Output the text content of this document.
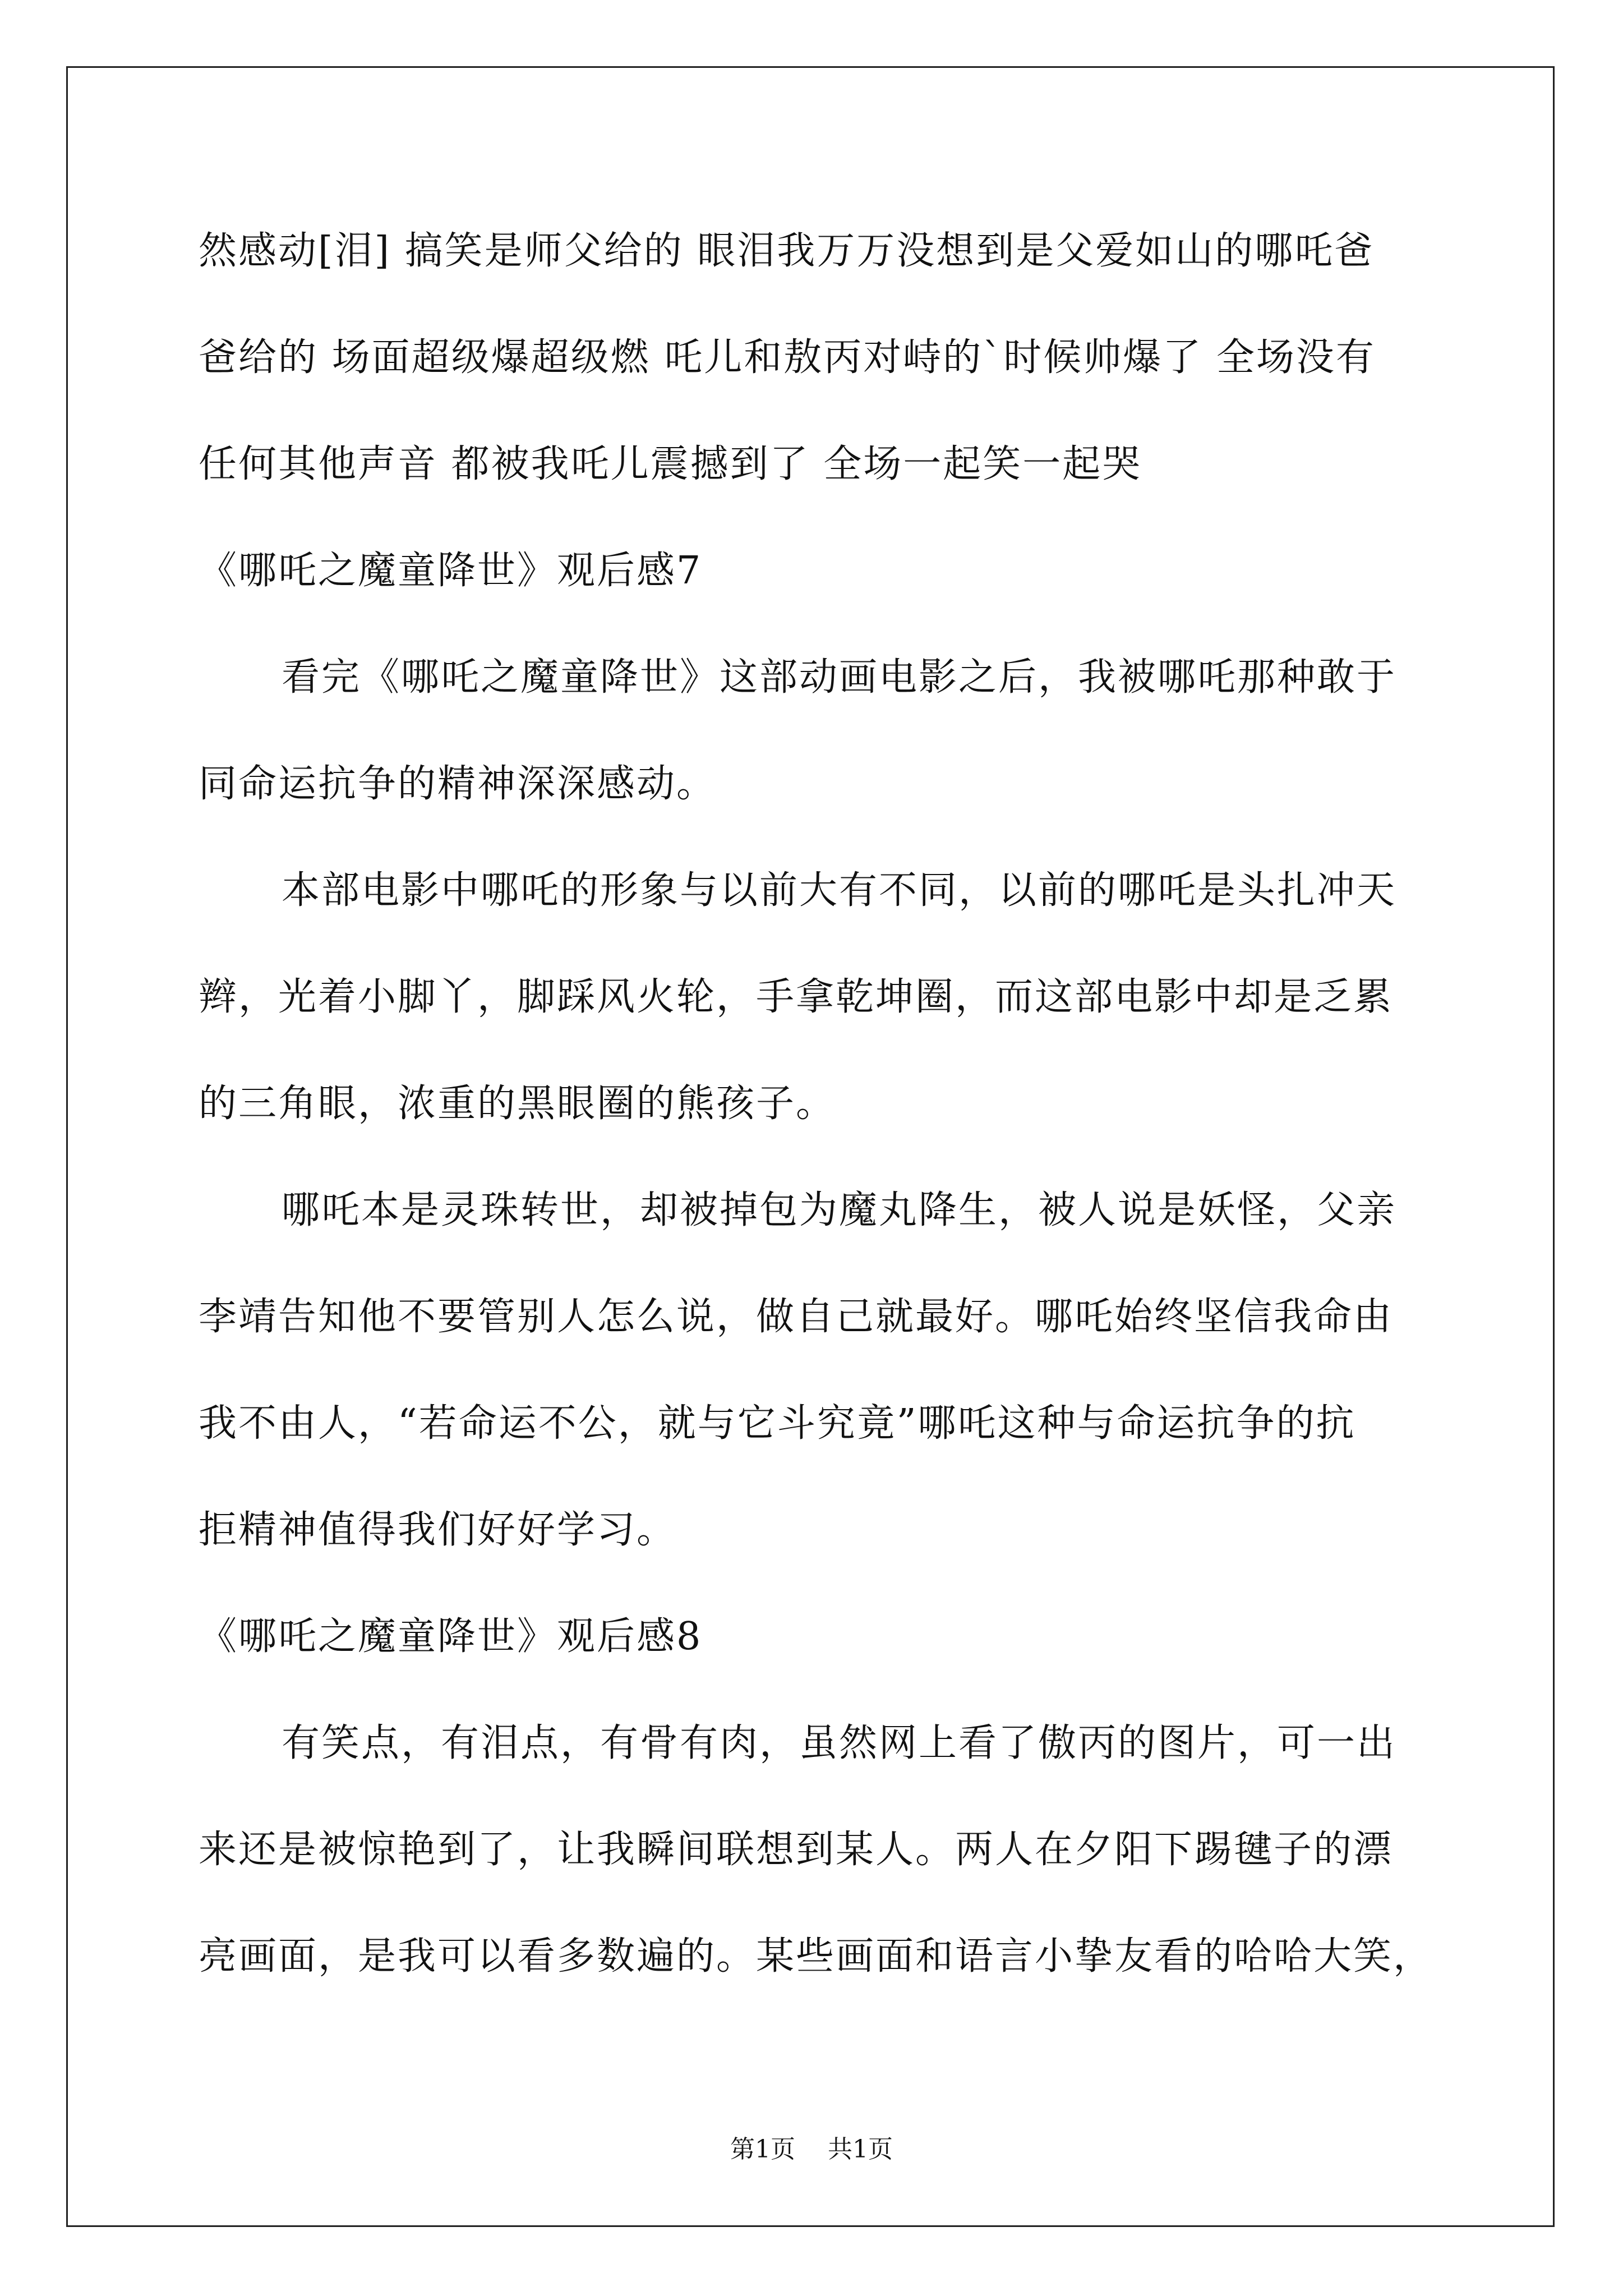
然感动[泪] 搞笑是师父给的 眼泪我万万没想到是父爱如山的哪吒爸
爸给的 场面超级爆超级燃 吒儿和敖丙对峙的`时候帅爆了 全场没有
任何其他声音 都被我吒儿震撼到了 全场一起笑一起哭
《哪吒之魔童降世》观后感7
看完《哪吒之魔童降世》这部动画电影之后，我被哪吒那种敢于
同命运抗争的精神深深感动。
本部电影中哪吒的形象与以前大有不同，以前的哪吒是头扎冲天
辫，光着小脚丫，脚踩风火轮，手拿乾坤圈，而这部电影中却是乏累
的三角眼，浓重的黑眼圈的熊孩子。
哪吒本是灵珠转世，却被掉包为魔丸降生，被人说是妖怪，父亲
李靖告知他不要管别人怎么说，做自己就最好。哪吒始终坚信我命由
我不由人，“若命运不公，就与它斗究竟”哪吒这种与命运抗争的抗
拒精神值得我们好好学习。
《哪吒之魔童降世》观后感8
有笑点，有泪点，有骨有肉，虽然网上看了傲丙的图片，可一出
来还是被惊艳到了，让我瞬间联想到某人。两人在夕阳下踢毽子的漂
亮画面，是我可以看多数遍的。某些画面和语言小挚友看的哈哈大笑，
第1页 共1页
